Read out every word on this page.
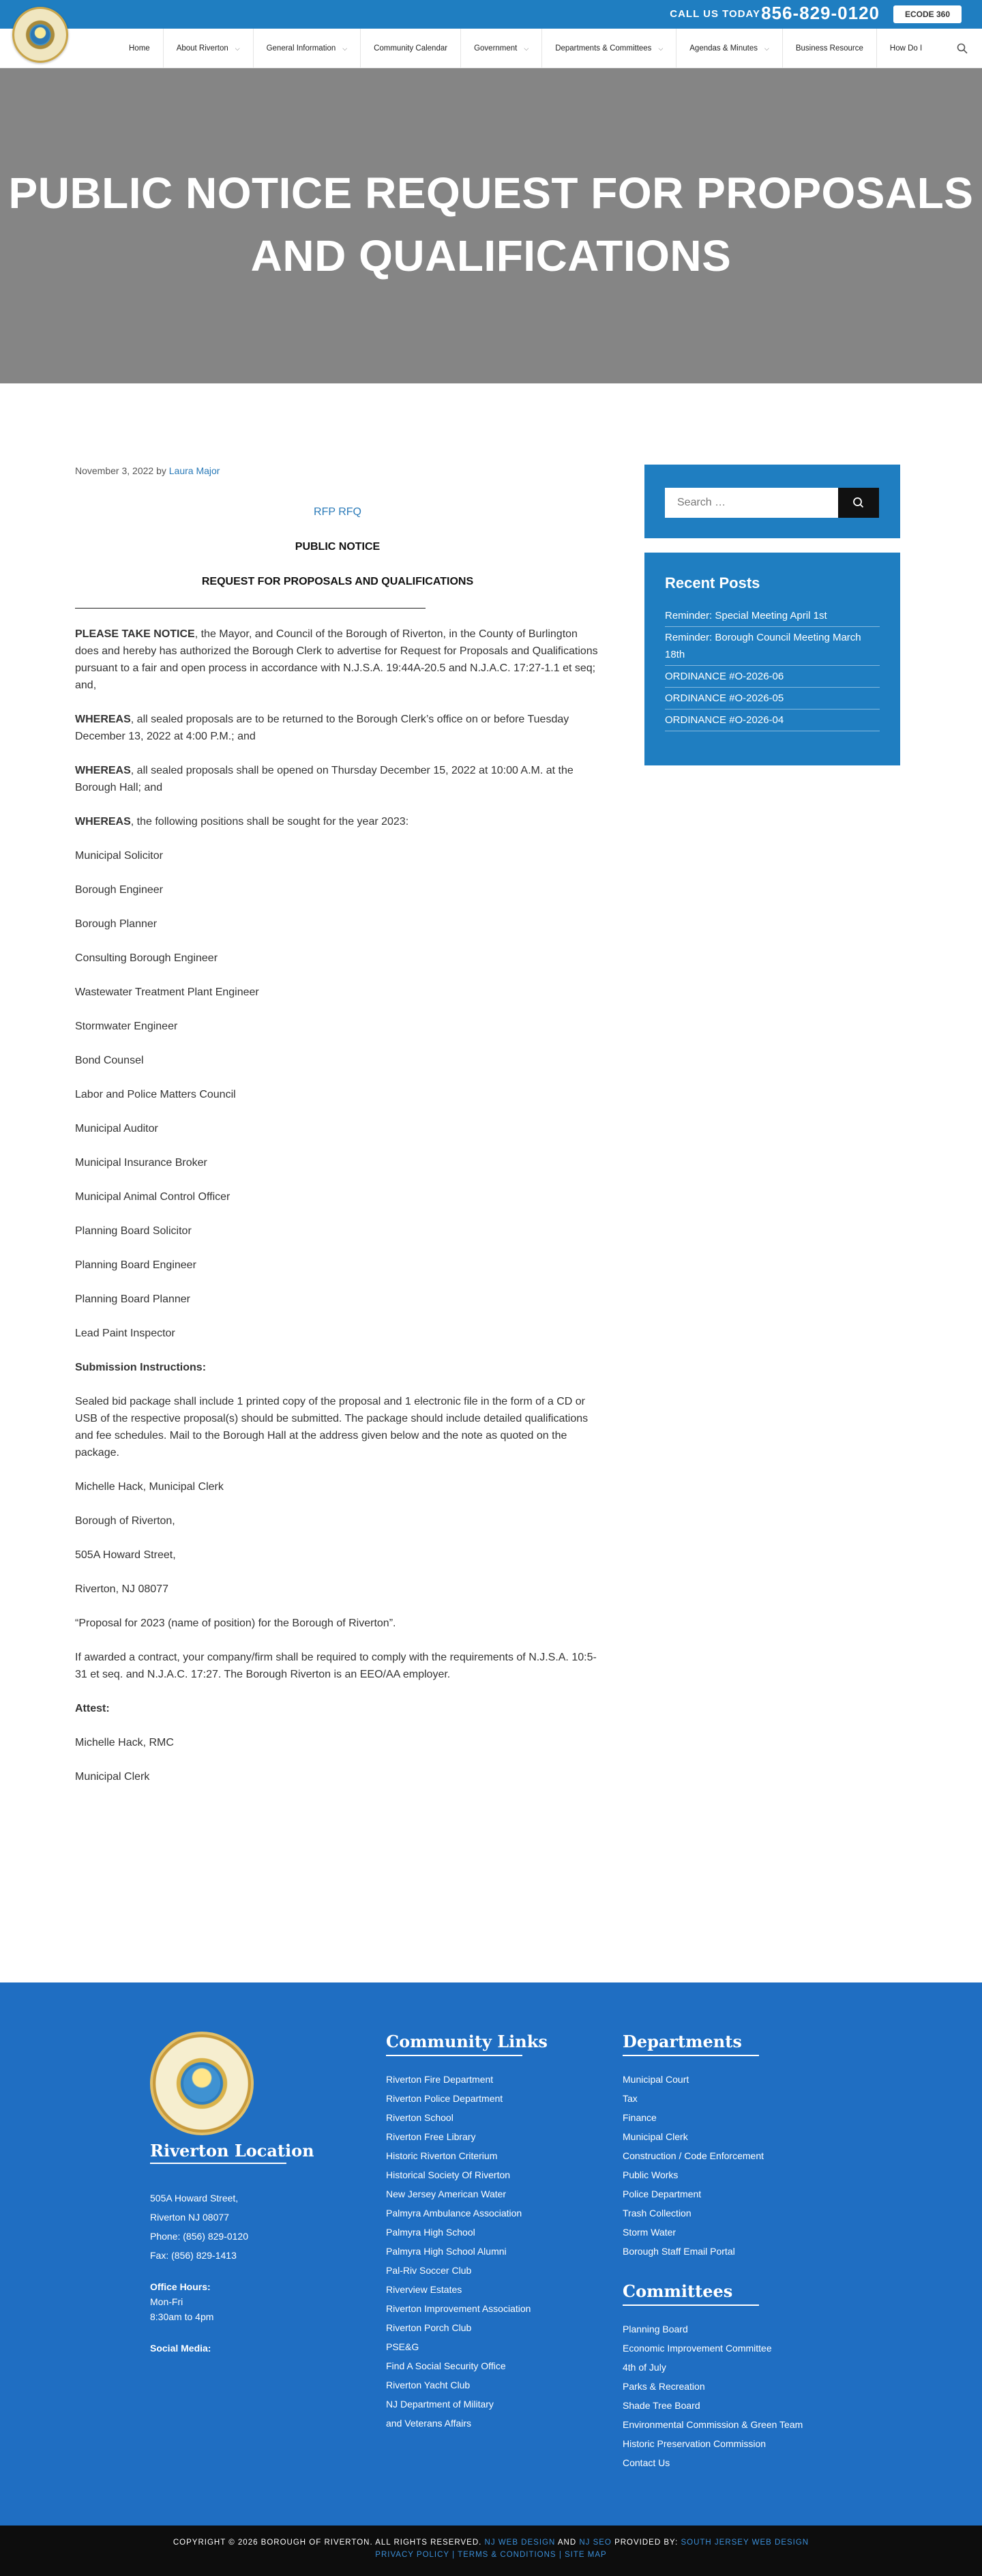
CALL US TODAY 856-829-0120	ECODE 360
Home	About Riverton ⌵	General Information ⌵	Community Calendar	Government ⌵	Departments & Committees ⌵	Agendas & Minutes ⌵	Business Resource	How Do I
PUBLIC NOTICE REQUEST FOR PROPOSALS
AND QUALIFICATIONS
November 3, 2022 by Laura Major
RFP RFQ
PUBLIC NOTICE
REQUEST FOR PROPOSALS AND QUALIFICATIONS
PLEASE TAKE NOTICE, the Mayor, and Council of the Borough of Riverton, in the County of Burlington does and hereby has authorized the Borough Clerk to advertise for Request for Proposals and Qualifications pursuant to a fair and open process in accordance with N.J.S.A. 19:44A-20.5 and N.J.A.C. 17:27-1.1 et seq; and,
WHEREAS, all sealed proposals are to be returned to the Borough Clerk’s office on or before Tuesday December 13, 2022 at 4:00 P.M.; and
WHEREAS, all sealed proposals shall be opened on Thursday December 15, 2022 at 10:00 A.M. at the Borough Hall; and
WHEREAS, the following positions shall be sought for the year 2023:
Municipal Solicitor
Borough Engineer
Borough Planner
Consulting Borough Engineer
Wastewater Treatment Plant Engineer
Stormwater Engineer
Bond Counsel
Labor and Police Matters Council
Municipal Auditor
Municipal Insurance Broker
Municipal Animal Control Officer
Planning Board Solicitor
Planning Board Engineer
Planning Board Planner
Lead Paint Inspector
Submission Instructions:
Sealed bid package shall include 1 printed copy of the proposal and 1 electronic file in the form of a CD or USB of the respective proposal(s) should be submitted. The package should include detailed qualifications and fee schedules. Mail to the Borough Hall at the address given below and the note as quoted on the package.
Michelle Hack, Municipal Clerk
Borough of Riverton,
505A Howard Street,
Riverton, NJ 08077
“Proposal for 2023 (name of position) for the Borough of Riverton”.
If awarded a contract, your company/firm shall be required to comply with the requirements of N.J.S.A. 10:5-31 et seq. and N.J.A.C. 17:27. The Borough Riverton is an EEO/AA employer.
Attest:
Michelle Hack, RMC
Municipal Clerk
Search …
Recent Posts
Reminder: Special Meeting April 1st
Reminder: Borough Council Meeting March 18th
ORDINANCE #O-2026-06
ORDINANCE #O-2026-05
ORDINANCE #O-2026-04
Riverton Location
505A Howard Street,
Riverton NJ 08077
Phone: (856) 829-0120
Fax: (856) 829-1413
Office Hours:
Mon-Fri
8:30am to 4pm
Social Media:
Community Links
Riverton Fire Department
Riverton Police Department
Riverton School
Riverton Free Library
Historic Riverton Criterium
Historical Society Of Riverton
New Jersey American Water
Palmyra Ambulance Association
Palmyra High School
Palmyra High School Alumni
Pal-Riv Soccer Club
Riverview Estates
Riverton Improvement Association
Riverton Porch Club
PSE&G
Find A Social Security Office
Riverton Yacht Club
NJ Department of Military
and Veterans Affairs
Departments
Municipal Court
Tax
Finance
Municipal Clerk
Construction / Code Enforcement
Public Works
Police Department
Trash Collection
Storm Water
Borough Staff Email Portal
Committees
Planning Board
Economic Improvement Committee
4th of July
Parks & Recreation
Shade Tree Board
Environmental Commission & Green Team
Historic Preservation Commission
Contact Us
COPYRIGHT © 2026 BOROUGH OF RIVERTON. ALL RIGHTS RESERVED. NJ WEB DESIGN AND NJ SEO PROVIDED BY: SOUTH JERSEY WEB DESIGN
PRIVACY POLICY | TERMS & CONDITIONS | SITE MAP
